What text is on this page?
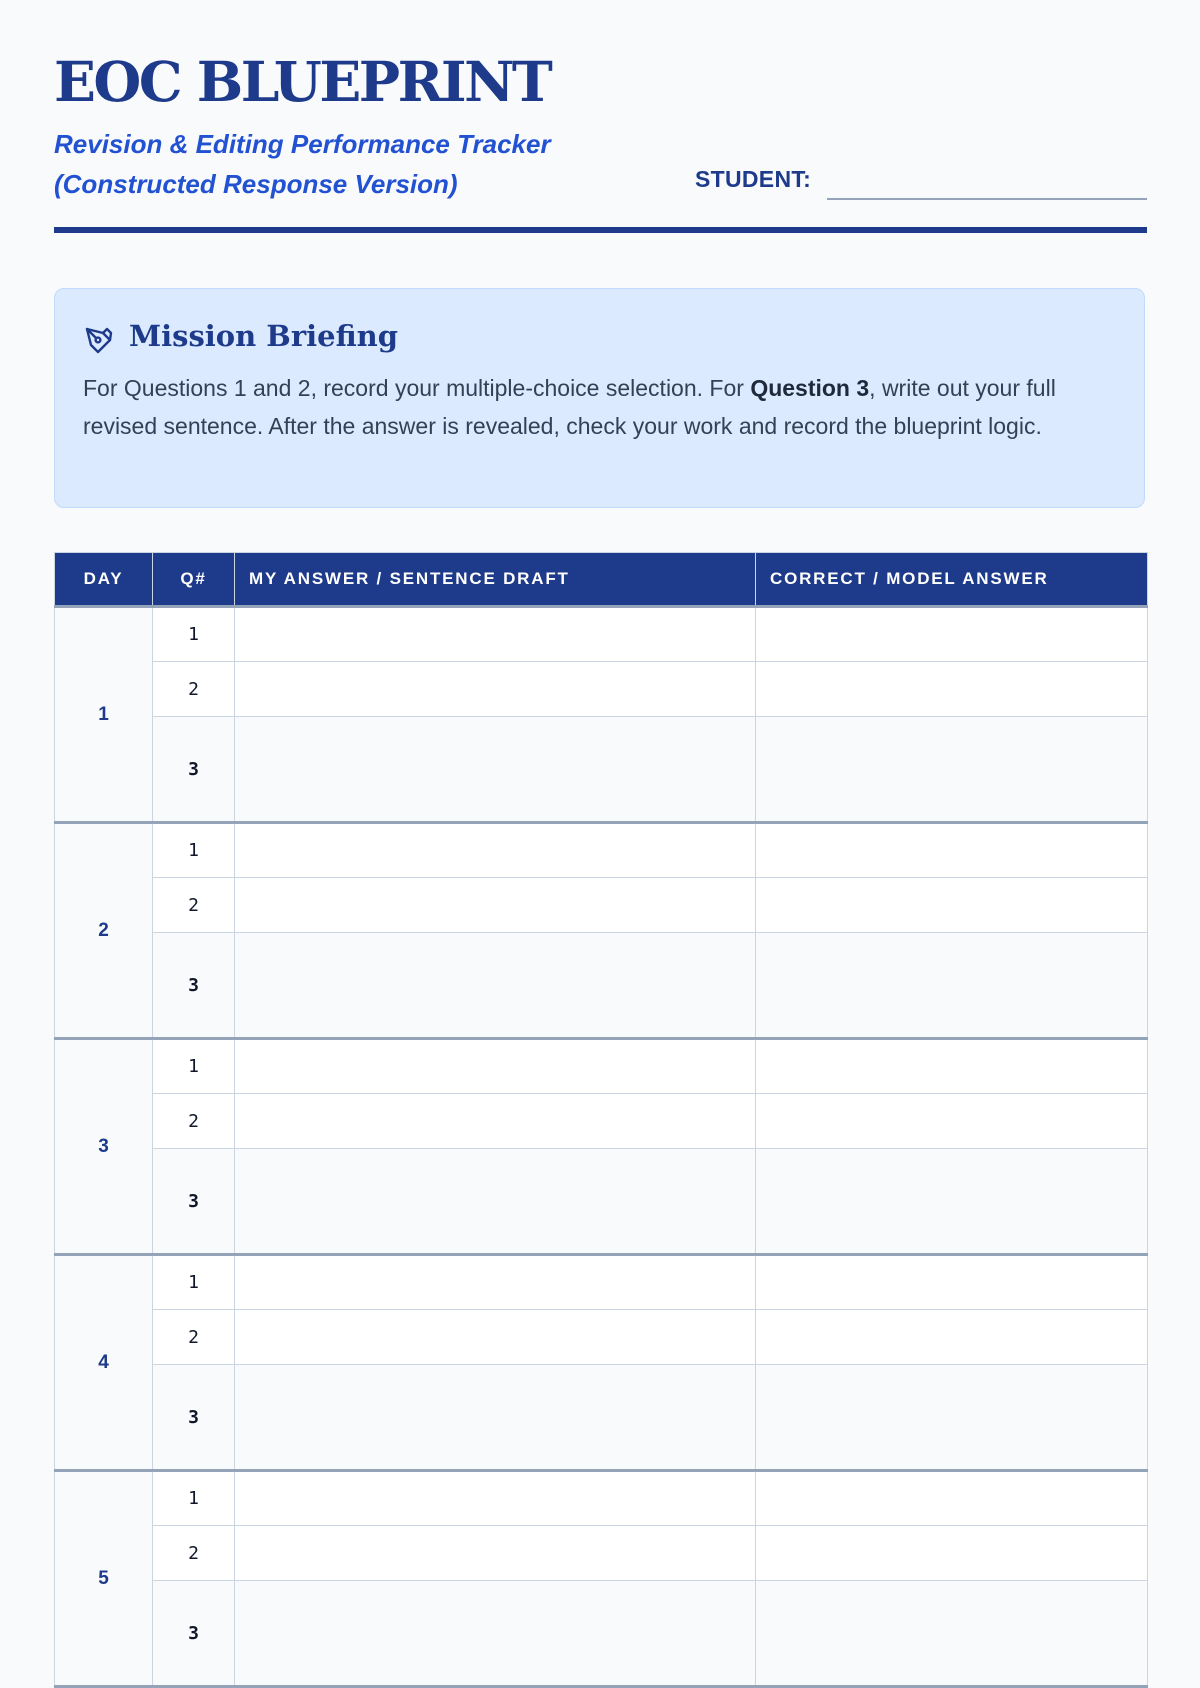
EOC BLUEPRINT
Revision & Editing Performance Tracker
(Constructed Response Version)	STUDENT:
Mission Briefing

For Questions 1 and 2, record your multiple-choice selection. For Question 3, write out your full revised sentence. After the answer is revealed, check your work and record the blueprint logic.

DAY	Q#	MY ANSWER / SENTENCE DRAFT	CORRECT / MODEL ANSWER
1	1		
	2		
	3		
2	1		
	2		
	3		
3	1		
	2		
	3		
4	1		
	2		
	3		
5	1		
	2		
	3		
